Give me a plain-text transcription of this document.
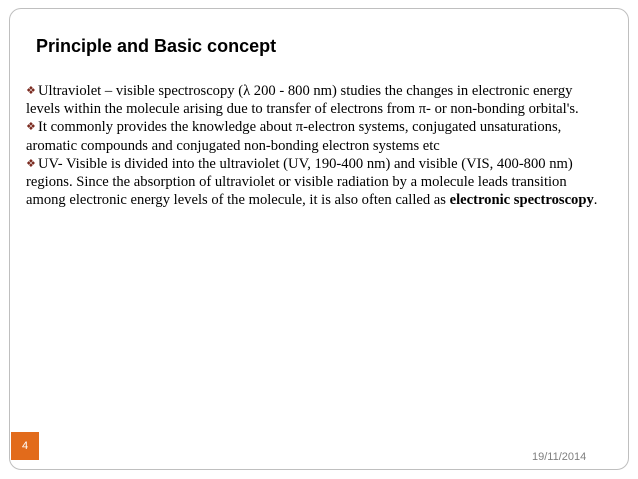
Principle and Basic concept

❖ Ultraviolet – visible spectroscopy (λ 200 - 800 nm) studies the changes in electronic energy levels within the molecule arising due to transfer of electrons from π- or non-bonding orbital's.

❖ It commonly provides the knowledge about π-electron systems, conjugated unsaturations, aromatic compounds and conjugated non-bonding electron systems etc

❖ UV- Visible is divided into the ultraviolet (UV, 190-400 nm) and visible (VIS, 400-800 nm) regions. Since the absorption of ultraviolet or visible radiation by a molecule leads transition among electronic energy levels of the molecule, it is also often called as electronic spectroscopy.

4
19/11/2014
